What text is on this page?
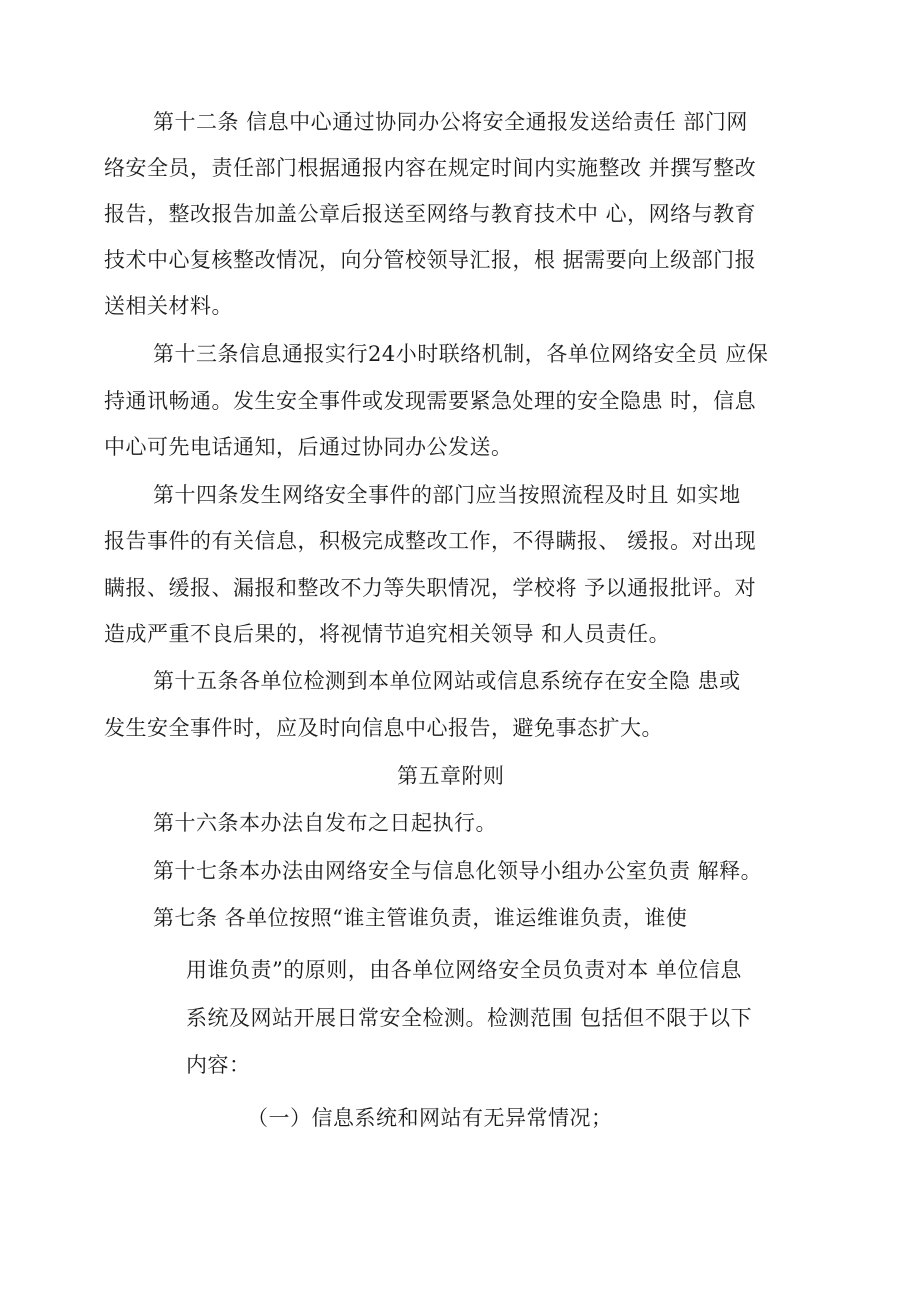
第十二条 信息中心通过协同办公将安全通报发送给责任 部门网
络安全员，责任部门根据通报内容在规定时间内实施整改 并撰写整改
报告，整改报告加盖公章后报送至网络与教育技术中 心，网络与教育
技术中心复核整改情况，向分管校领导汇报，根 据需要向上级部门报
送相关材料。
第十三条信息通报实行24小时联络机制，各单位网络安全员 应保
持通讯畅通。发生安全事件或发现需要紧急处理的安全隐患 时，信息
中心可先电话通知，后通过协同办公发送。
第十四条发生网络安全事件的部门应当按照流程及时且 如实地
报告事件的有关信息，积极完成整改工作，不得瞒报、 缓报。对出现
瞒报、缓报、漏报和整改不力等失职情况，学校将 予以通报批评。对
造成严重不良后果的，将视情节追究相关领导 和人员责任。
第十五条各单位检测到本单位网站或信息系统存在安全隐 患或
发生安全事件时，应及时向信息中心报告，避免事态扩大。
第五章附则
第十六条本办法自发布之日起执行。
第十七条本办法由网络安全与信息化领导小组办公室负责 解释。
第七条 各单位按照“谁主管谁负责，谁运维谁负责，谁使
用谁负责”的原则，由各单位网络安全员负责对本 单位信息
系统及网站开展日常安全检测。检测范围 包括但不限于以下
内容：
（一）信息系统和网站有无异常情况；
